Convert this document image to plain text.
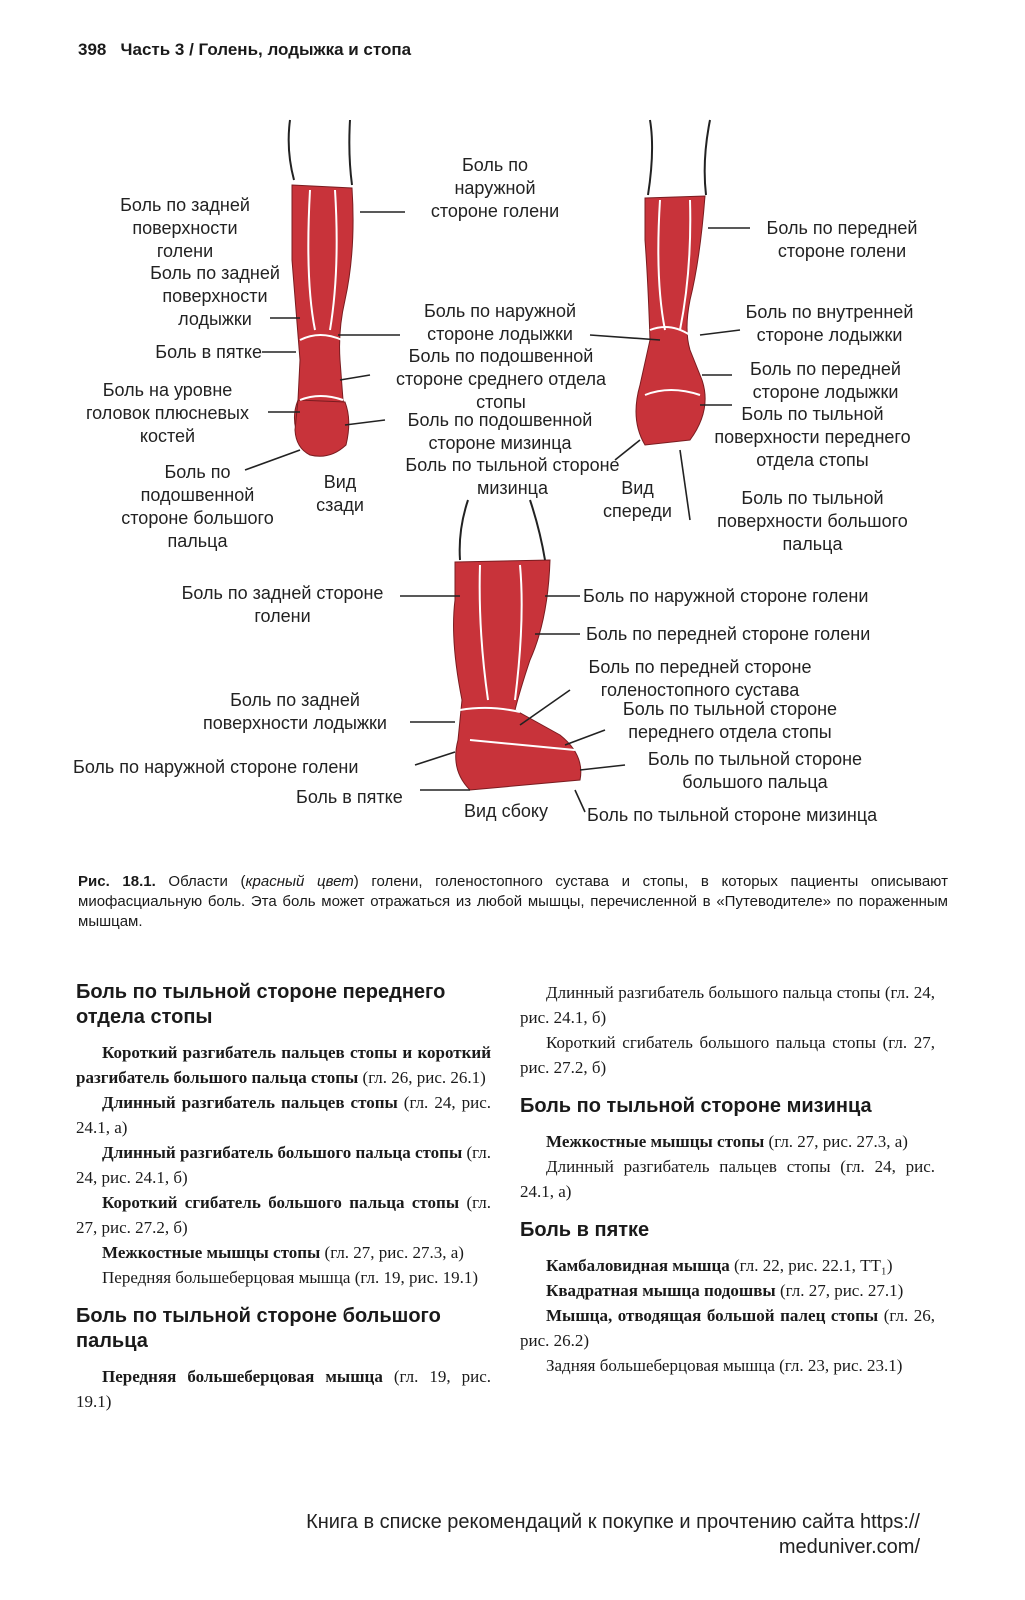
398 Часть 3 / Голень, лодыжка и стопа
Боль по задней
поверхности
голени
Боль по задней
поверхности
лодыжки
Боль в пятке
Боль на уровне
головок плюсневых
костей
Боль по
подошвенной
стороне большого
пальца
Вид
сзади
Боль по
наружной
стороне голени
Боль по наружной
стороне лодыжки
Боль по подошвенной
стороне среднего отдела
стопы
Боль по подошвенной
стороне мизинца
Боль по тыльной стороне
мизинца	Вид
спереди
Боль по передней
стороне голени
Боль по внутренней
стороне лодыжки
Боль по передней
стороне лодыжки
Боль по тыльной
поверхности переднего
отдела стопы
Боль по тыльной
поверхности большого
пальца
Боль по задней стороне
голени
Боль по задней
поверхности лодыжки
Боль по наружной стороне голени
Боль в пятке
Вид сбоку
Боль по наружной стороне голени
Боль по передней стороне голени
Боль по передней стороне
голеностопного сустава
Боль по тыльной стороне
переднего отдела стопы
Боль по тыльной стороне
большого пальца
Боль по тыльной стороне мизинца
Рис. 18.1. Области (красный цвет) голени, голеностопного сустава и стопы, в которых пациенты описывают миофасциальную боль. Эта боль может отражаться из любой мышцы, перечисленной в «Путеводителе» по пораженным мышцам.
Боль по тыльной стороне переднего отдела стопы

Короткий разгибатель пальцев стопы и короткий разгибатель большого пальца стопы (гл. 26, рис. 26.1)

Длинный разгибатель пальцев стопы (гл. 24, рис. 24.1, а)

Длинный разгибатель большого пальца стопы (гл. 24, рис. 24.1, б)

Короткий сгибатель большого пальца стопы (гл. 27, рис. 27.2, б)

Межкостные мышцы стопы (гл. 27, рис. 27.3, а)

Передняя большеберцовая мышца (гл. 19, рис. 19.1)

Боль по тыльной стороне большого пальца

Передняя большеберцовая мышца (гл. 19, рис. 19.1)

Длинный разгибатель большого пальца стопы (гл. 24, рис. 24.1, б)

Короткий сгибатель большого пальца стопы (гл. 27, рис. 27.2, б)

Боль по тыльной стороне мизинца

Межкостные мышцы стопы (гл. 27, рис. 27.3, а)

Длинный разгибатель пальцев стопы (гл. 24, рис. 24.1, а)

Боль в пятке

Камбаловидная мышца (гл. 22, рис. 22.1, TT₁)

Квадратная мышца подошвы (гл. 27, рис. 27.1)

Мышца, отводящая большой палец стопы (гл. 26, рис. 26.2)

Задняя большеберцовая мышца (гл. 23, рис. 23.1)

Книга в списке рекомендаций к покупке и прочтению сайта https://
meduniver.com/
